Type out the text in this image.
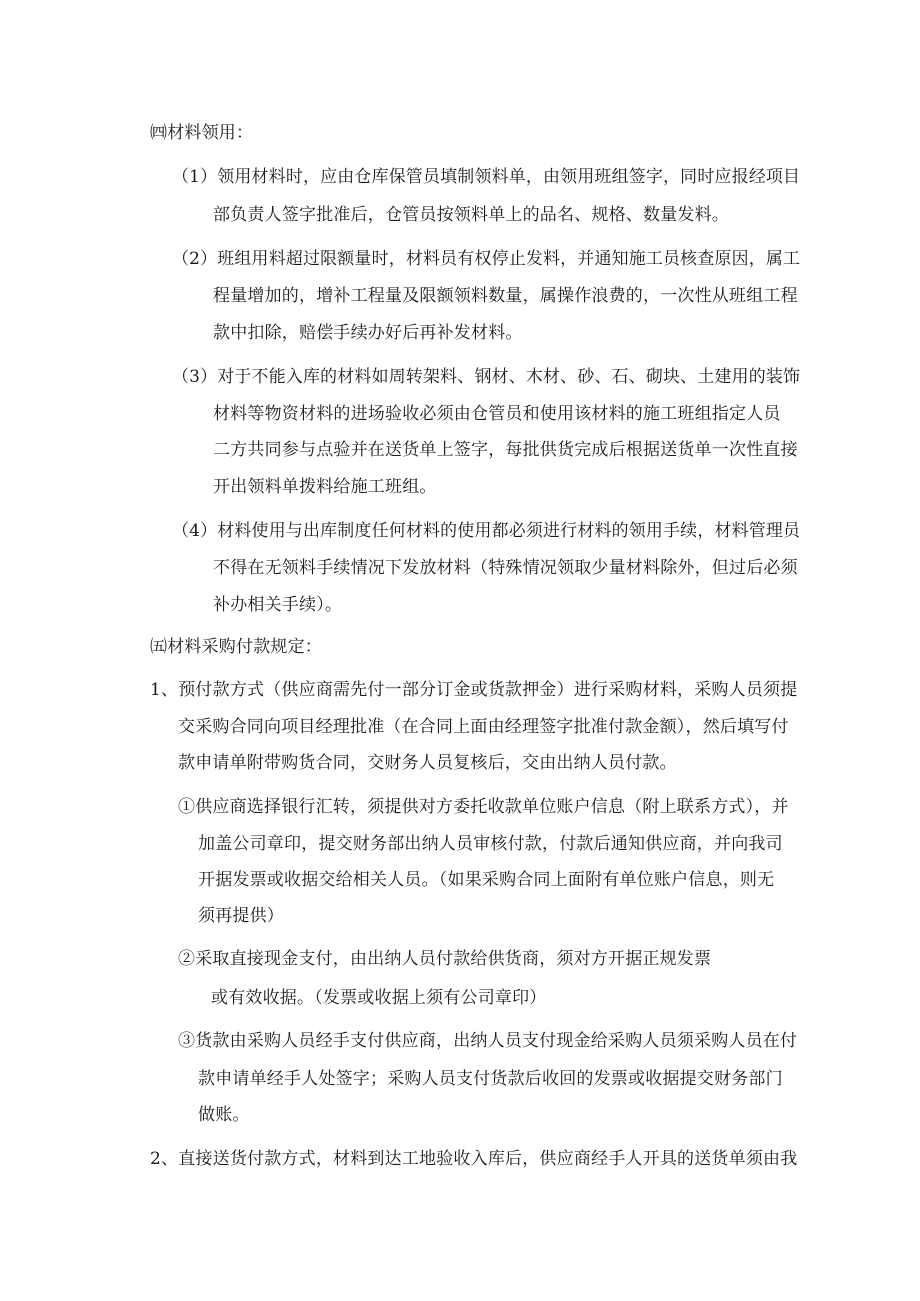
㈣材料领用：
（1）领用材料时，应由仓库保管员填制领料单，由领用班组签字，同时应报经项目
部负责人签字批准后，仓管员按领料单上的品名、规格、数量发料。
（2）班组用料超过限额量时，材料员有权停止发料，并通知施工员核查原因，属工
程量增加的，增补工程量及限额领料数量，属操作浪费的，一次性从班组工程
款中扣除，赔偿手续办好后再补发材料。
（3）对于不能入库的材料如周转架料、钢材、木材、砂、石、砌块、土建用的装饰
材料等物资材料的进场验收必须由仓管员和使用该材料的施工班组指定人员
二方共同参与点验并在送货单上签字，每批供货完成后根据送货单一次性直接
开出领料单拨料给施工班组。
（4）材料使用与出库制度任何材料的使用都必须进行材料的领用手续，材料管理员
不得在无领料手续情况下发放材料（特殊情况领取少量材料除外，但过后必须
补办相关手续）。
㈤材料采购付款规定：
1、预付款方式（供应商需先付一部分订金或货款押金）进行采购材料，采购人员须提
交采购合同向项目经理批准（在合同上面由经理签字批准付款金额），然后填写付
款申请单附带购货合同，交财务人员复核后，交由出纳人员付款。
①供应商选择银行汇转，须提供对方委托收款单位账户信息（附上联系方式），并
加盖公司章印，提交财务部出纳人员审核付款，付款后通知供应商，并向我司
开据发票或收据交给相关人员。（如果采购合同上面附有单位账户信息，则无
须再提供）
②采取直接现金支付，由出纳人员付款给供货商，须对方开据正规发票
或有效收据。（发票或收据上须有公司章印）
③货款由采购人员经手支付供应商，出纳人员支付现金给采购人员须采购人员在付
款申请单经手人处签字；采购人员支付货款后收回的发票或收据提交财务部门
做账。
2、直接送货付款方式，材料到达工地验收入库后，供应商经手人开具的送货单须由我
